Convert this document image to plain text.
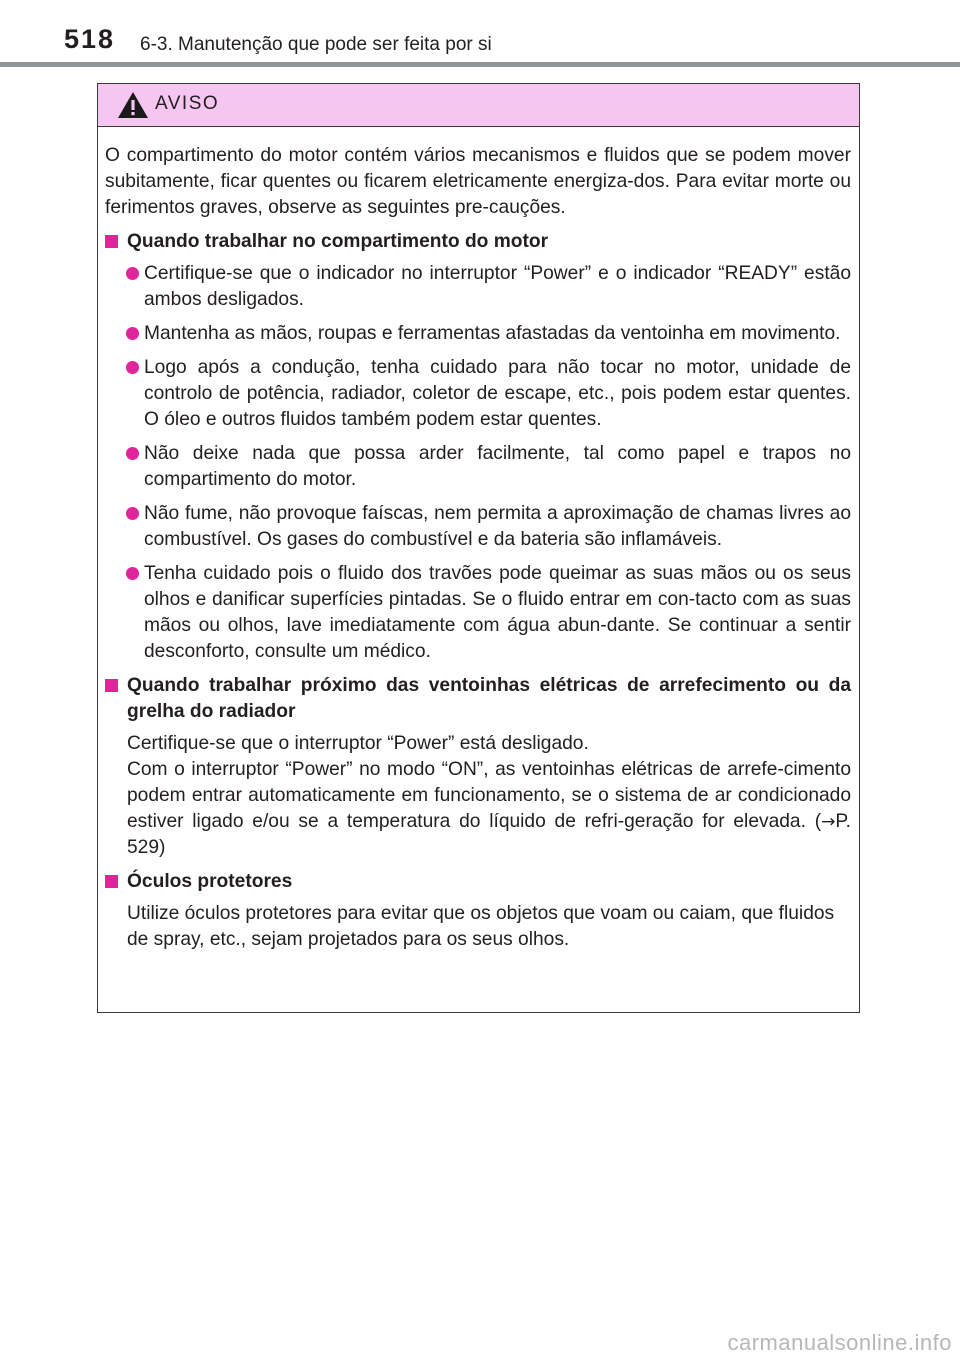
518 6-3. Manutenção que pode ser feita por si
AVISO

O compartimento do motor contém vários mecanismos e fluidos que se podem mover subitamente, ficar quentes ou ficarem eletricamente energiza-dos. Para evitar morte ou ferimentos graves, observe as seguintes pre-cauções.

Quando trabalhar no compartimento do motor
Certifique-se que o indicador no interruptor “Power” e o indicador “READY” estão ambos desligados.
Mantenha as mãos, roupas e ferramentas afastadas da ventoinha em movimento.
Logo após a condução, tenha cuidado para não tocar no motor, unidade de controlo de potência, radiador, coletor de escape, etc., pois podem estar quentes. O óleo e outros fluidos também podem estar quentes.
Não deixe nada que possa arder facilmente, tal como papel e trapos no compartimento do motor.
Não fume, não provoque faíscas, nem permita a aproximação de chamas livres ao combustível. Os gases do combustível e da bateria são inflamáveis.
Tenha cuidado pois o fluido dos travões pode queimar as suas mãos ou os seus olhos e danificar superfícies pintadas. Se o fluido entrar em con-tacto com as suas mãos ou olhos, lave imediatamente com água abun-dante. Se continuar a sentir desconforto, consulte um médico.
Quando trabalhar próximo das ventoinhas elétricas de arrefecimento ou da grelha do radiador

Certifique-se que o interruptor “Power” está desligado.

Com o interruptor “Power” no modo “ON”, as ventoinhas elétricas de arrefe-cimento podem entrar automaticamente em funcionamento, se o sistema de ar condicionado estiver ligado e/ou se a temperatura do líquido de refri-geração for elevada. (→P. 529)

Óculos protetores

Utilize óculos protetores para evitar que os objetos que voam ou caiam, que fluidos de spray, etc., sejam projetados para os seus olhos.

carmanualsonline.info
